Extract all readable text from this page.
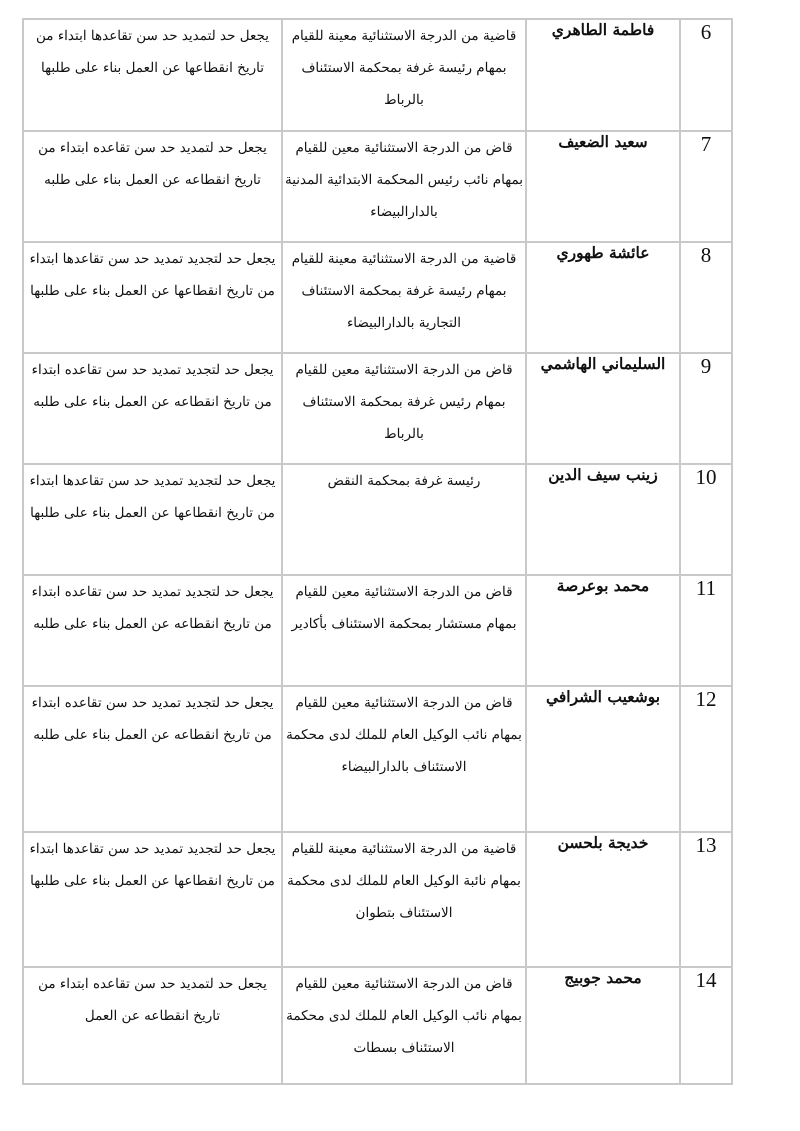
6	فاطمة الطاهري	قاضية من الدرجة الاستثنائية معينة للقيام بمهام رئيسة غرفة بمحكمة الاستئناف بالرباط	يجعل حد لتمديد حد سن تقاعدها ابتداء من تاريخ انقطاعها عن العمل بناء على طلبها
7	سعيد الضعيف	قاض من الدرجة الاستثنائية معين للقيام بمهام نائب رئيس المحكمة الابتدائية المدنية بالدارالبيضاء	يجعل حد لتمديد حد سن تقاعده ابتداء من تاريخ انقطاعه عن العمل بناء على طلبه
8	عائشة طهوري	قاضية من الدرجة الاستثنائية معينة للقيام بمهام رئيسة غرفة بمحكمة الاستئناف التجارية بالدارالبيضاء	يجعل حد لتجديد تمديد حد سن تقاعدها ابتداء من تاريخ انقطاعها عن العمل بناء على طلبها
9	السليماني الهاشمي	قاض من الدرجة الاستثنائية معين للقيام بمهام رئيس غرفة بمحكمة الاستئناف بالرباط	يجعل حد لتجديد تمديد حد سن تقاعده ابتداء من تاريخ انقطاعه عن العمل بناء على طلبه
10	زينب سيف الدين	رئيسة غرفة بمحكمة النقض	يجعل حد لتجديد تمديد حد سن تقاعدها ابتداء من تاريخ انقطاعها عن العمل بناء على طلبها
11	محمد بوعرصة	قاض من الدرجة الاستثنائية معين للقيام بمهام مستشار بمحكمة الاستئناف بأكادير	يجعل حد لتجديد تمديد حد سن تقاعده ابتداء من تاريخ انقطاعه عن العمل بناء على طلبه
12	بوشعيب الشرافي	قاض من الدرجة الاستثنائية معين للقيام بمهام نائب الوكيل العام للملك لدى محكمة الاستئناف بالدارالبيضاء	يجعل حد لتجديد تمديد حد سن تقاعده ابتداء من تاريخ انقطاعه عن العمل بناء على طلبه
13	خديجة بلحسن	قاضية من الدرجة الاستثنائية معينة للقيام بمهام نائبة الوكيل العام للملك لدى محكمة الاستئناف بتطوان	يجعل حد لتجديد تمديد حد سن تقاعدها ابتداء من تاريخ انقطاعها عن العمل بناء على طلبها
14	محمد جوبيج	قاض من الدرجة الاستثنائية معين للقيام بمهام نائب الوكيل العام للملك لدى محكمة الاستئناف بسطات	يجعل حد لتمديد حد سن تقاعده ابتداء من تاريخ انقطاعه عن العمل
